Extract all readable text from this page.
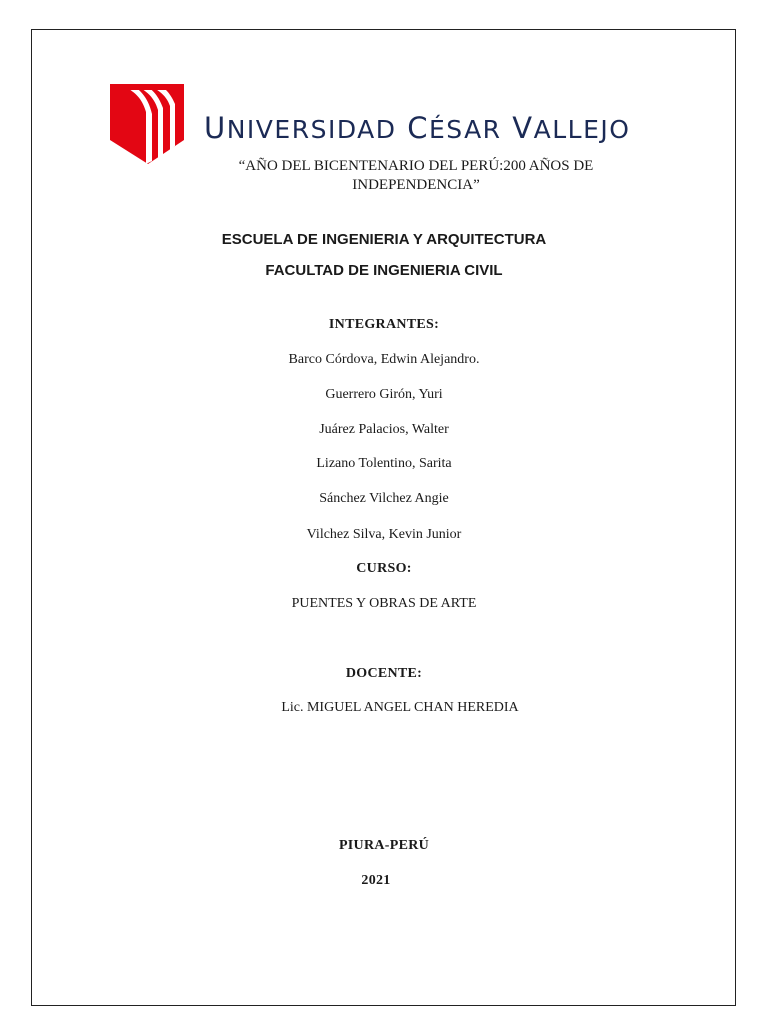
UNIVERSIDAD CÉSAR VALLEJO
“AÑO DEL BICENTENARIO DEL PERÚ:200 AÑOS DE INDEPENDENCIA”
ESCUELA DE INGENIERIA Y ARQUITECTURA
FACULTAD DE INGENIERIA CIVIL
INTEGRANTES:
Barco Córdova, Edwin Alejandro.
Guerrero Girón, Yuri
Juárez Palacios, Walter
Lizano Tolentino, Sarita
Sánchez Vilchez Angie
Vilchez Silva, Kevin Junior
CURSO:
PUENTES Y OBRAS DE ARTE
DOCENTE:
Lic. MIGUEL ANGEL CHAN HEREDIA
PIURA-PERÚ
2021
